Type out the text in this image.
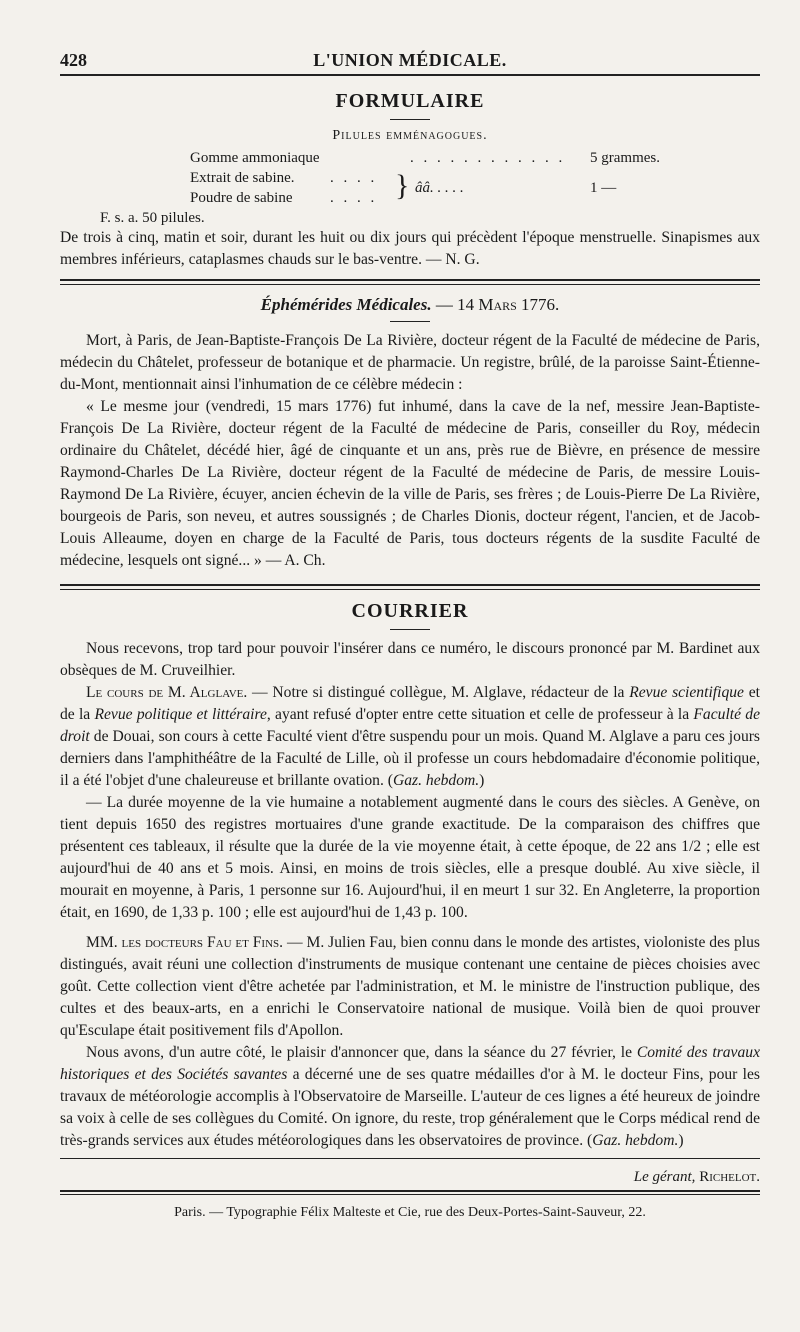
428	L'UNION MÉDICALE.
FORMULAIRE
Pilules emménagogues.
Gomme ammoniaque	. . . . . . . . . . . . 5 grammes.
Extrait de sabine. . . . .
Poudre de sabine	. . . . } ââ. . . . .	1 —
F. s. a. 50 pilules.

De trois à cinq, matin et soir, durant les huit ou dix jours qui précèdent l'époque menstruelle. Sinapismes aux membres inférieurs, cataplasmes chauds sur le bas-ventre. — N. G.

Éphémérides Médicales. — 14 Mars 1776.

Mort, à Paris, de Jean-Baptiste-François De La Rivière, docteur régent de la Faculté de médecine de Paris, médecin du Châtelet, professeur de botanique et de pharmacie. Un registre, brûlé, de la paroisse Saint-Étienne-du-Mont, mentionnait ainsi l'inhumation de ce célèbre médecin :

« Le mesme jour (vendredi, 15 mars 1776) fut inhumé, dans la cave de la nef, messire Jean-Baptiste-François De La Rivière, docteur régent de la Faculté de médecine de Paris, conseiller du Roy, médecin ordinaire du Châtelet, décédé hier, âgé de cinquante et un ans, près rue de Bièvre, en présence de messire Raymond-Charles De La Rivière, docteur régent de la Faculté de médecine de Paris, de messire Louis-Raymond De La Rivière, écuyer, ancien échevin de la ville de Paris, ses frères ; de Louis-Pierre De La Rivière, bourgeois de Paris, son neveu, et autres soussignés ; de Charles Dionis, docteur régent, l'ancien, et de Jacob-Louis Alleaume, doyen en charge de la Faculté de Paris, tous docteurs régents de la susdite Faculté de médecine, lesquels ont signé... » — A. Ch.

COURRIER

Nous recevons, trop tard pour pouvoir l'insérer dans ce numéro, le discours prononcé par M. Bardinet aux obsèques de M. Cruveilhier.

Le cours de M. Alglave. — Notre si distingué collègue, M. Alglave, rédacteur de la Revue scientifique et de la Revue politique et littéraire, ayant refusé d'opter entre cette situation et celle de professeur à la Faculté de droit de Douai, son cours à cette Faculté vient d'être suspendu pour un mois. Quand M. Alglave a paru ces jours derniers dans l'amphithéâtre de la Faculté de Lille, où il professe un cours hebdomadaire d'économie politique, il a été l'objet d'une chaleureuse et brillante ovation. (Gaz. hebdom.)

— La durée moyenne de la vie humaine a notablement augmenté dans le cours des siècles. A Genève, on tient depuis 1650 des registres mortuaires d'une grande exactitude. De la comparaison des chiffres que présentent ces tableaux, il résulte que la durée de la vie moyenne était, à cette époque, de 22 ans 1/2 ; elle est aujourd'hui de 40 ans et 5 mois. Ainsi, en moins de trois siècles, elle a presque doublé. Au xive siècle, il mourait en moyenne, à Paris, 1 personne sur 16. Aujourd'hui, il en meurt 1 sur 32. En Angleterre, la proportion était, en 1690, de 1,33 p. 100 ; elle est aujourd'hui de 1,43 p. 100.

MM. les docteurs Fau et Fins. — M. Julien Fau, bien connu dans le monde des artistes, violoniste des plus distingués, avait réuni une collection d'instruments de musique contenant une centaine de pièces choisies avec goût. Cette collection vient d'être achetée par l'administration, et M. le ministre de l'instruction publique, des cultes et des beaux-arts, en a enrichi le Conservatoire national de musique. Voilà bien de quoi prouver qu'Esculape était positivement fils d'Apollon.

Nous avons, d'un autre côté, le plaisir d'annoncer que, dans la séance du 27 février, le Comité des travaux historiques et des Sociétés savantes a décerné une de ses quatre médailles d'or à M. le docteur Fins, pour les travaux de météorologie accomplis à l'Observatoire de Marseille. L'auteur de ces lignes a été heureux de joindre sa voix à celle de ses collègues du Comité. On ignore, du reste, trop généralement que le Corps médical rend de très-grands services aux études météorologiques dans les observatoires de province. (Gaz. hebdom.)

Le gérant, Richelot.
Paris. — Typographie Félix Malteste et Cie, rue des Deux-Portes-Saint-Sauveur, 22.
